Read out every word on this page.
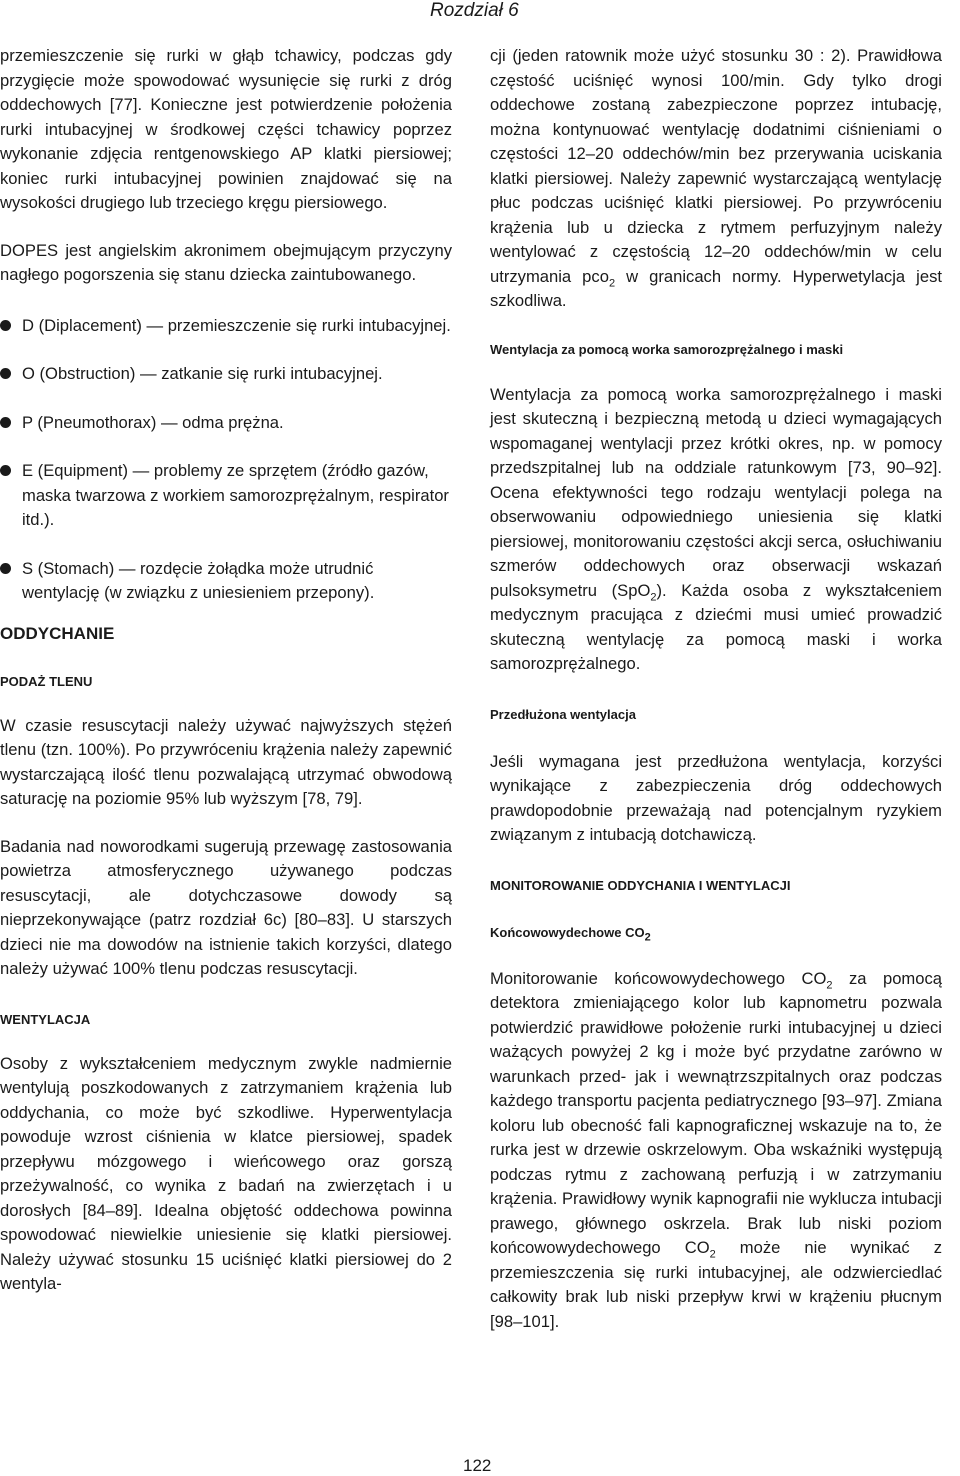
Rozdział 6

przemieszczenie się rurki w głąb tchawicy, podczas gdy przygięcie może spowodować wysunięcie się rurki z dróg oddechowych [77]. Konieczne jest potwierdzenie położenia rurki intubacyjnej w środkowej części tchawicy poprzez wykonanie zdjęcia rentgenowskiego AP klatki piersiowej; koniec rurki intubacyjnej powinien znajdować się na wysokości drugiego lub trzeciego kręgu piersiowego.

DOPES jest angielskim akronimem obejmującym przyczyny nagłego pogorszenia się stanu dziecka zaintubowanego.

D (Diplacement) — przemieszczenie się rurki intubacyjnej.
O (Obstruction) — zatkanie się rurki intubacyjnej.
P (Pneumothorax) — odma prężna.
E (Equipment) — problemy ze sprzętem (źródło gazów, maska twarzowa z workiem samorozprężalnym, respirator itd.).
S (Stomach) — rozdęcie żołądka może utrudnić wentylację (w związku z uniesieniem przepony).
ODDYCHANIE
PODAŻ TLENU

W czasie resuscytacji należy używać najwyższych stężeń tlenu (tzn. 100%). Po przywróceniu krążenia należy zapewnić wystarczającą ilość tlenu pozwalającą utrzymać obwodową saturację na poziomie 95% lub wyższym [78, 79].

Badania nad noworodkami sugerują przewagę zastosowania powietrza atmosferycznego używanego podczas resuscytacji, ale dotychczasowe dowody są nieprzekonywające (patrz rozdział 6c) [80–83]. U starszych dzieci nie ma dowodów na istnienie takich korzyści, dlatego należy używać 100% tlenu podczas resuscytacji.

WENTYLACJA

Osoby z wykształceniem medycznym zwykle nadmiernie wentylują poszkodowanych z zatrzymaniem krążenia lub oddychania, co może być szkodliwe. Hyperwentylacja powoduje wzrost ciśnienia w klatce piersiowej, spadek przepływu mózgowego i wieńcowego oraz gorszą przeżywalność, co wynika z badań na zwierzętach i u dorosłych [84–89]. Idealna objętość oddechowa powinna spowodować niewielkie uniesienie się klatki piersiowej. Należy używać stosunku 15 uciśnięć klatki piersiowej do 2 wentyla-

cji (jeden ratownik może użyć stosunku 30 : 2). Prawidłowa częstość uciśnięć wynosi 100/min. Gdy tylko drogi oddechowe zostaną zabezpieczone poprzez intubację, można kontynuować wentylację dodatnimi ciśnieniami o częstości 12–20 oddechów/min bez przerywania uciskania klatki piersiowej. Należy zapewnić wystarczającą wentylację płuc podczas uciśnięć klatki piersiowej. Po przywróceniu krążenia lub u dziecka z rytmem perfuzyjnym należy wentylować z częstością 12–20 oddechów/min w celu utrzymania pco$_2$ w granicach normy. Hyperwetylacja jest szkodliwa.

Wentylacja za pomocą worka samorozprężalnego i maski

Wentylacja za pomocą worka samorozprężalnego i maski jest skuteczną i bezpieczną metodą u dzieci wymagających wspomaganej wentylacji przez krótki okres, np. w pomocy przedszpitalnej lub na oddziale ratunkowym [73, 90–92]. Ocena efektywności tego rodzaju wentylacji polega na obserwowaniu odpowiedniego uniesienia się klatki piersiowej, monitorowaniu częstości akcji serca, osłuchiwaniu szmerów oddechowych oraz obserwacji wskazań pulsoksymetru (SpO$_2$). Każda osoba z wykształceniem medycznym pracująca z dziećmi musi umieć prowadzić skuteczną wentylację za pomocą maski i worka samorozprężalnego.

Przedłużona wentylacja

Jeśli wymagana jest przedłużona wentylacja, korzyści wynikające z zabezpieczenia dróg oddechowych prawdopodobnie przeważają nad potencjalnym ryzykiem związanym z intubacją dotchawiczą.

MONITOROWANIE ODDYCHANIA I WENTYLACJI
Końcowowydechowe $CO_2$

Monitorowanie końcowowydechowego $CO_2$ za pomocą detektora zmieniającego kolor lub kapnometru pozwala potwierdzić prawidłowe położenie rurki intubacyjnej u dzieci ważących powyżej 2 kg i może być przydatne zarówno w warunkach przed- jak i wewnątrzszpitalnych oraz podczas każdego transportu pacjenta pediatrycznego [93–97]. Zmiana koloru lub obecność fali kapnograficznej wskazuje na to, że rurka jest w drzewie oskrzelowym. Oba wskaźniki występują podczas rytmu z zachowaną perfuzją i w zatrzymaniu krążenia. Prawidłowy wynik kapnografii nie wyklucza intubacji prawego, głównego oskrzela. Brak lub niski poziom końcowowydechowego $CO_2$ może nie wynikać z przemieszczenia się rurki intubacyjnej, ale odzwierciedlać całkowity brak lub niski przepływ krwi w krążeniu płucnym [98–101].

122
